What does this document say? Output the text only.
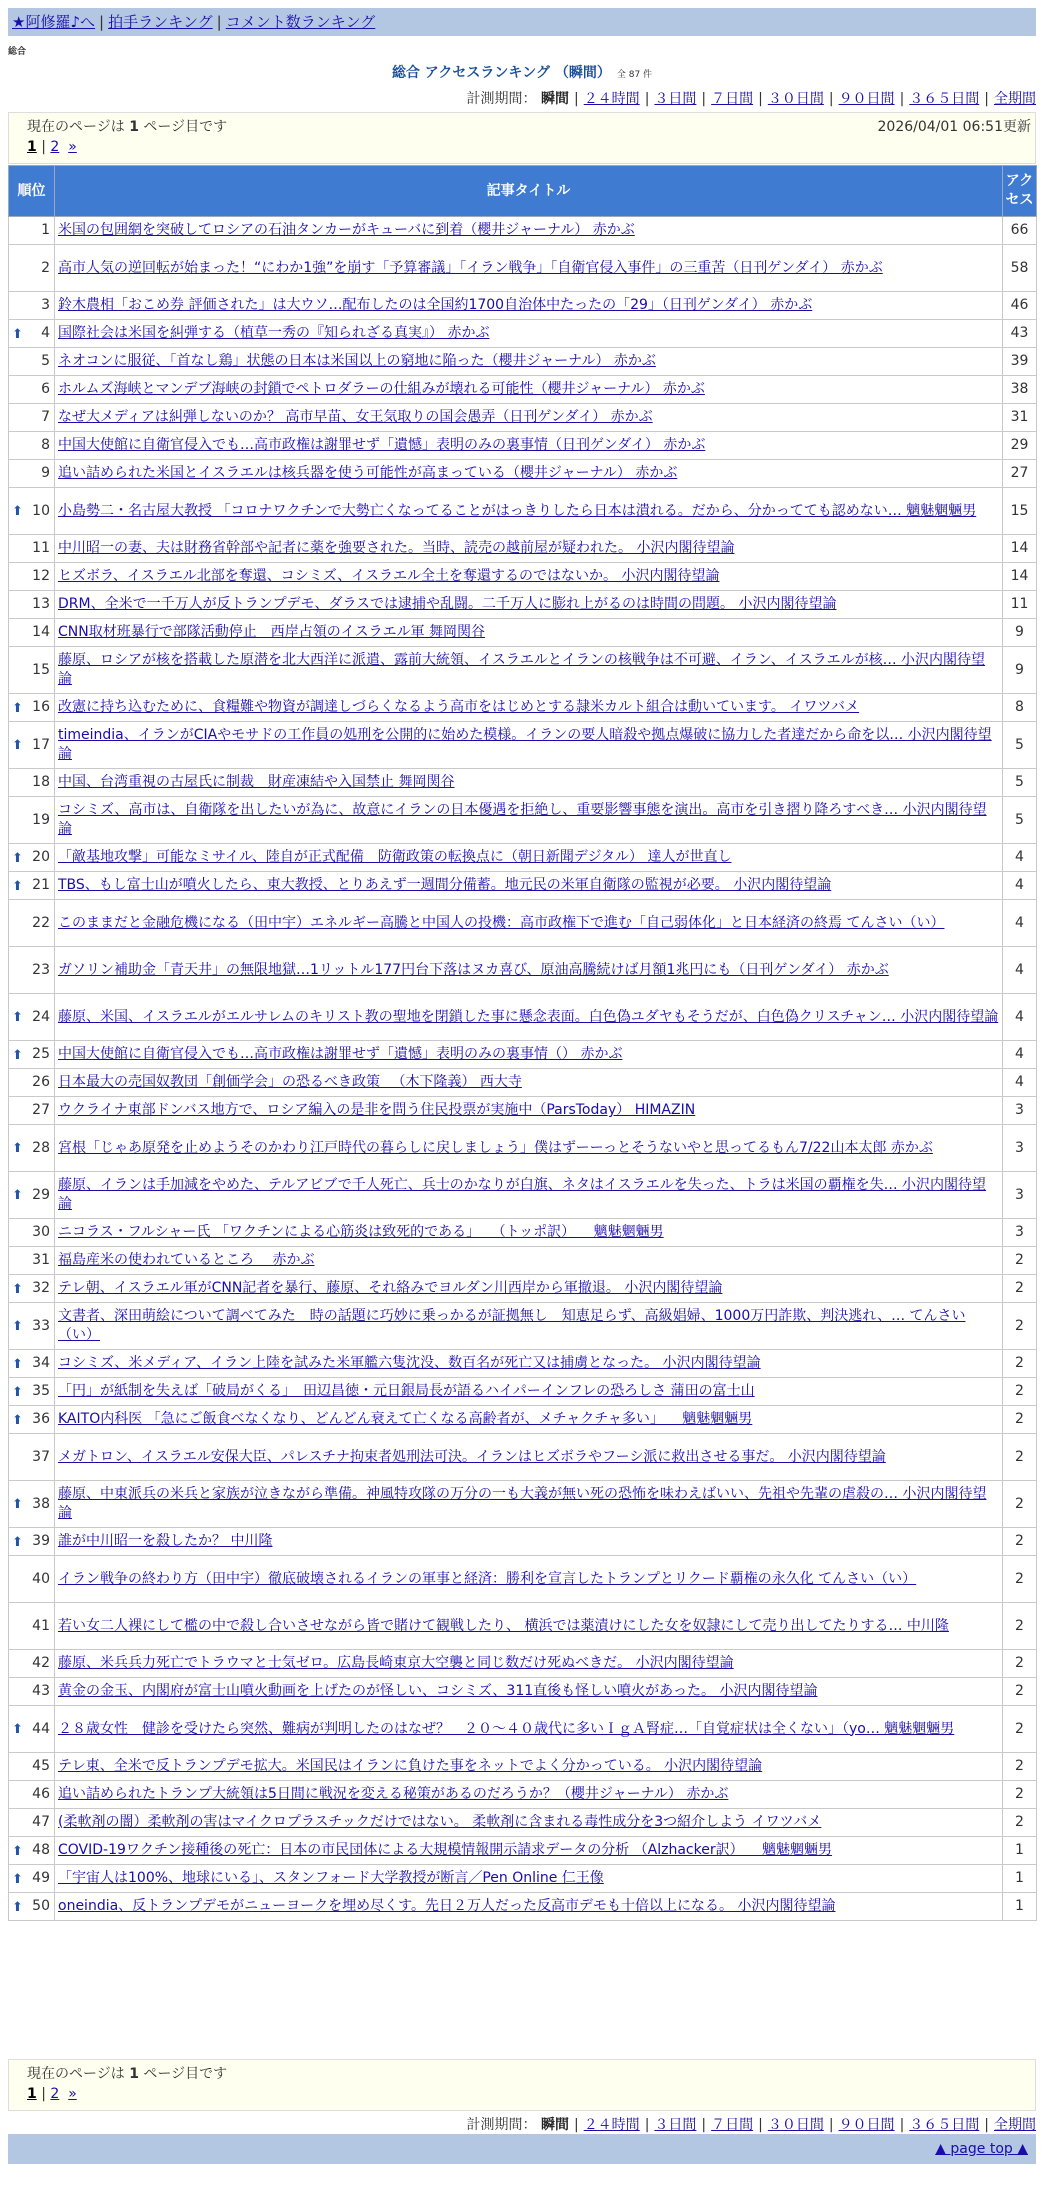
★阿修羅♪へ | 拍手ランキング | コメント数ランキング
総合
総合 アクセスランキング （瞬間） 全 87 件
計測期間： 瞬間 | ２４時間 | ３日間 | ７日間 | ３０日間 | ９０日間 | ３６５日間 | 全期間
現在のページは 1 ページ目です	2026/04/01 06:51更新
1 | 2 »
順位	記事タイトル	アクセス
1	米国の包囲網を突破してロシアの石油タンカーがキューバに到着（櫻井ジャーナル） 赤かぶ	66
2	高市人気の逆回転が始まった！“にわか1強”を崩す「予算審議」「イラン戦争」「自衛官侵入事件」の三重苦（日刊ゲンダイ） 赤かぶ	58
3	鈴木農相「おこめ券 評価された」は大ウソ…配布したのは全国約1700自治体中たったの「29」（日刊ゲンダイ） 赤かぶ	46

⬆ 4	国際社会は米国を糾弾する（植草一秀の『知られざる真実』） 赤かぶ	43
5	ネオコンに服従、「首なし鶏」状態の日本は米国以上の窮地に陥った（櫻井ジャーナル） 赤かぶ	39
6	ホルムズ海峡とマンデブ海峡の封鎖でペトロダラーの仕組みが壊れる可能性（櫻井ジャーナル） 赤かぶ	38
7	なぜ大メディアは糾弾しないのか？ 高市早苗、女王気取りの国会愚弄（日刊ゲンダイ） 赤かぶ	31
8	中国大使館に自衛官侵入でも…高市政権は謝罪せず「遺憾」表明のみの裏事情（日刊ゲンダイ） 赤かぶ	29
9	追い詰められた米国とイスラエルは核兵器を使う可能性が高まっている（櫻井ジャーナル） 赤かぶ	27

⬆ 10	小島勢二・名古屋大教授 「コロナワクチンで大勢亡くなってることがはっきりしたら日本は潰れる。だから、分かってても認めない… 魑魅魍魎男	15
11	中川昭一の妻、夫は財務省幹部や記者に薬を強要された。当時、読売の越前屋が疑われた。 小沢内閣待望論	14
12	ヒズボラ、イスラエル北部を奪還、コシミズ、イスラエル全土を奪還するのではないか。 小沢内閣待望論	14
13	DRM、全米で一千万人が反トランプデモ、ダラスでは逮捕や乱闘。二千万人に膨れ上がるのは時間の問題。 小沢内閣待望論	11
14	CNN取材班暴行で部隊活動停止　西岸占領のイスラエル軍 舞岡関谷	9
15	藤原、ロシアが核を搭載した原潜を北大西洋に派遣、露前大統領、イスラエルとイランの核戦争は不可避、イラン、イスラエルが核… 小沢内閣待望論	9

⬆ 16	改憲に持ち込むために、食糧難や物資が調達しづらくなるよう高市をはじめとする隷米カルト組合は動いています。 イワツバメ	8

⬆ 17	timeindia、イランがCIAやモサドの工作員の処刑を公開的に始めた模様。イランの要人暗殺や拠点爆破に協力した者達だから命を以… 小沢内閣待望論	5
18	中国、台湾重視の古屋氏に制裁　財産凍結や入国禁止 舞岡関谷	5
19	コシミズ、高市は、自衛隊を出したいが為に、故意にイランの日本優遇を拒絶し、重要影響事態を演出。高市を引き摺り降ろすべき… 小沢内閣待望論	5

⬆ 20	「敵基地攻撃」可能なミサイル、陸自が正式配備　防衛政策の転換点に（朝日新聞デジタル） 達人が世直し	4

⬆ 21	TBS、もし富士山が噴火したら、東大教授、とりあえず一週間分備蓄。地元民の米軍自衛隊の監視が必要。 小沢内閣待望論	4
22	このままだと金融危機になる（田中宇）エネルギー高騰と中国人の投機：高市政権下で進む「自己弱体化」と日本経済の終焉 てんさい（い）	4
23	ガソリン補助金「青天井」の無限地獄…1リットル177円台下落はヌカ喜び、原油高騰続けば月額1兆円にも（日刊ゲンダイ） 赤かぶ	4

⬆ 24	藤原、米国、イスラエルがエルサレムのキリスト教の聖地を閉鎖した事に懸念表面。白色偽ユダヤもそうだが、白色偽クリスチャン… 小沢内閣待望論	4

⬆ 25	中国大使館に自衛官侵入でも…高市政権は謝罪せず「遺憾」表明のみの裏事情（） 赤かぶ	4
26	日本最大の売国奴教団「創価学会」の恐るべき政策 　（木下隆義） 西大寺	4
27	ウクライナ東部ドンバス地方で、ロシア編入の是非を問う住民投票が実施中（ParsToday） HIMAZIN	3

⬆ 28	宮根「じゃあ原発を止めようそのかわり江戸時代の暮らしに戻しましょう」僕はずーーっとそうないやと思ってるもん7/22山本太郎 赤かぶ	3

⬆ 29	藤原、イランは手加減をやめた、テルアビブで千人死亡、兵士のかなりが白旗、ネタはイスラエルを失った、トラは米国の覇権を失… 小沢内閣待望論	3
30	ニコラス・フルシャー氏 「ワクチンによる心筋炎は致死的である」 　（トッポ訳） 　魑魅魍魎男	3
31	福島産米の使われているところ 　赤かぶ	2

⬆ 32	テレ朝、イスラエル軍がCNN記者を暴行、藤原、それ絡みでヨルダン川西岸から軍撤退。 小沢内閣待望論	2

⬆ 33	文書者、深田萌絵について調べてみた　時の話題に巧妙に乗っかるが証拠無し　知恵足らず、高級娼婦、1000万円詐欺、判決逃れ、… てんさい（い）	2

⬆ 34	コシミズ、米メディア、イラン上陸を試みた米軍艦六隻沈没、数百名が死亡又は捕虜となった。 小沢内閣待望論	2

⬆ 35	「円」が紙制を失えば「破局がくる」　田辺昌徳・元日銀局長が語るハイパーインフレの恐ろしさ 蒲田の富士山	2

⬆ 36	KAITO内科医 「急にご飯食べなくなり、どんどん衰えて亡くなる高齢者が、メチャクチャ多い」 　魑魅魍魎男	2
37	メガトロン、イスラエル安保大臣、パレスチナ拘束者処刑法可決。イランはヒズボラやフーシ派に救出させる事だ。 小沢内閣待望論	2

⬆ 38	藤原、中東派兵の米兵と家族が泣きながら準備。神風特攻隊の万分の一も大義が無い死の恐怖を味わえばいい、先祖や先輩の虐殺の… 小沢内閣待望論	2

⬆ 39	誰が中川昭一を殺したか？ 中川隆	2
40	イラン戦争の終わり方（田中宇）徹底破壊されるイランの軍事と経済：勝利を宣言したトランプとリクード覇権の永久化 てんさい（い）	2
41	若い女二人裸にして檻の中で殺し合いさせながら皆で賭けて観戦したり、 横浜では薬漬けにした女を奴隷にして売り出してたりする… 中川隆	2
42	藤原、米兵兵力死亡でトラウマと士気ゼロ。広島長崎東京大空襲と同じ数だけ死ぬべきだ。 小沢内閣待望論	2
43	黄金の金玉、内閣府が富士山噴火動画を上げたのが怪しい、コシミズ、311直後も怪しい噴火があった。 小沢内閣待望論	2

⬆ 44	２８歳女性　健診を受けたら突然、難病が判明したのはなぜ？　２０～４０歳代に多いＩｇＡ腎症…「自覚症状は全くない」（yo… 魑魅魍魎男	2
45	テレ東、全米で反トランプデモ拡大。米国民はイランに負けた事をネットでよく分かっている。 小沢内閣待望論	2
46	追い詰められたトランプ大統領は5日間に戦況を変える秘策があるのだろうか？（櫻井ジャーナル） 赤かぶ	2
47	(柔軟剤の闇）柔軟剤の害はマイクロプラスチックだけではない。 柔軟剤に含まれる毒性成分を3つ紹介しよう イワツバメ	2

⬆ 48	COVID-19ワクチン接種後の死亡：日本の市民団体による大規模情報開示請求データの分析 （Alzhacker訳） 　魑魅魍魎男	1

⬆ 49	「宇宙人は100%、地球にいる」、スタンフォード大学教授が断言／Pen Online 仁王像	1

⬆ 50	oneindia、反トランプデモがニューヨークを埋め尽くす。先日２万人だった反高市デモも十倍以上になる。 小沢内閣待望論	1
現在のページは 1 ページ目です
1 | 2 »
計測期間： 瞬間 | ２４時間 | ３日間 | ７日間 | ３０日間 | ９０日間 | ３６５日間 | 全期間
▲ page top ▲
